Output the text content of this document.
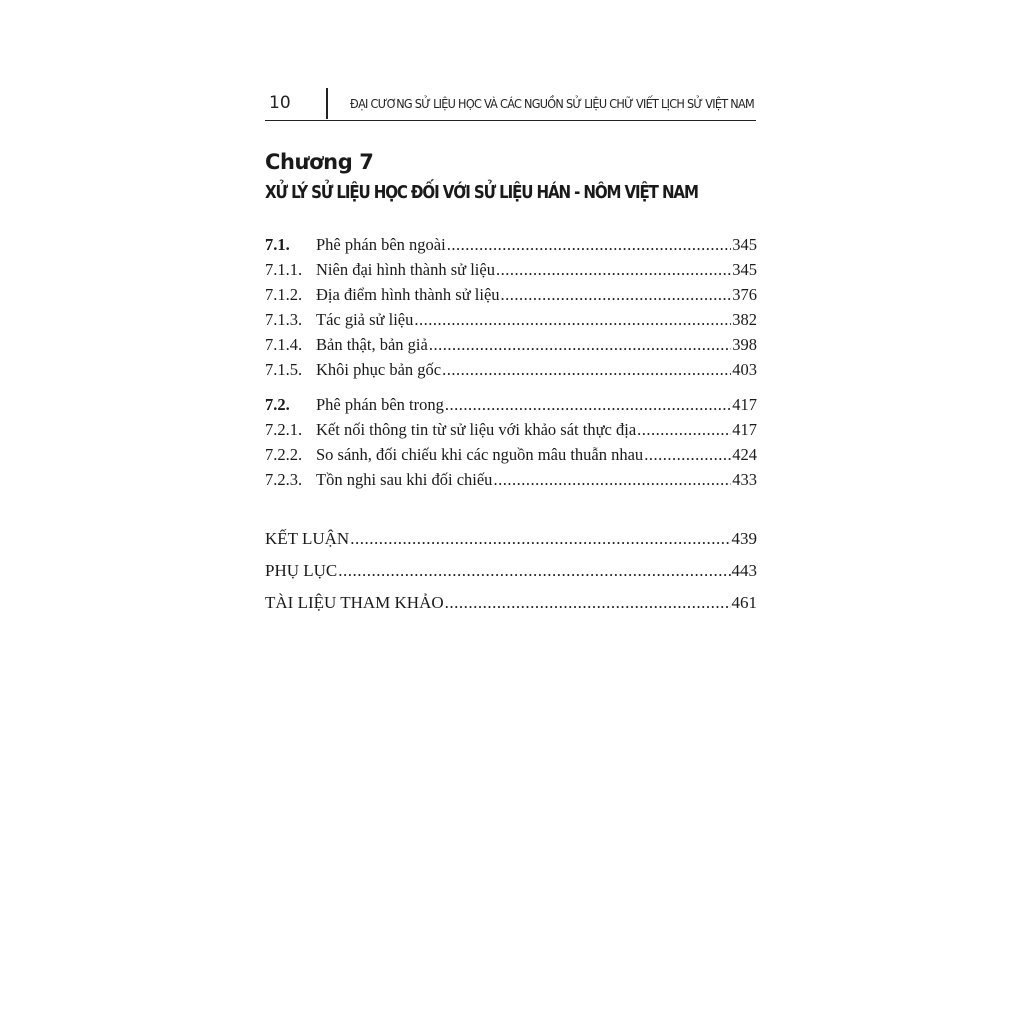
10	ĐẠI CƯƠNG SỬ LIỆU HỌC VÀ CÁC NGUỒN SỬ LIỆU CHỮ VIẾT LỊCH SỬ VIỆT NAM
Chương 7
XỬ LÝ SỬ LIỆU HỌC ĐỐI VỚI SỬ LIỆU HÁN - NÔM VIỆT NAM
7.1.	Phê phán bên ngoài .....	345
7.1.1. Niên đại hình thành sử liệu .....	345
7.1.2. Địa điểm hình thành sử liệu .....	376
7.1.3. Tác giả sử liệu .....	382
7.1.4. Bản thật, bản giả .....	398
7.1.5. Khôi phục bản gốc .....	403
7.2.	Phê phán bên trong .....	417
7.2.1. Kết nối thông tin từ sử liệu với khảo sát thực địa .....	417
7.2.2. So sánh, đối chiếu khi các nguồn mâu thuẫn nhau .....	424
7.2.3. Tồn nghi sau khi đối chiếu .....	433
KẾT LUẬN .....	439
PHỤ LỤC .....	443
TÀI LIỆU THAM KHẢO .....	461
